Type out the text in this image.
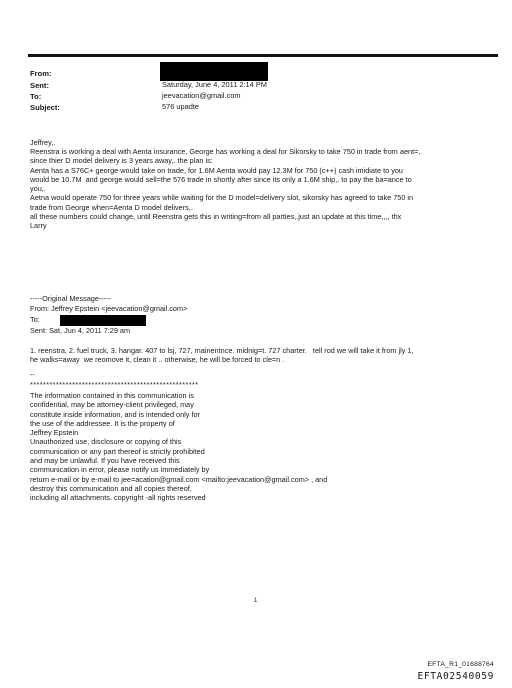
From:
Sent:
To:
Subject:
Saturday, June 4, 2011 2:14 PM
jeevacation@gmail.com
576 upadte
Jeffrey,.
Reenstra is working a deal with Aenta insurance, George has working a deal for Sikorsky to take 750 in trade from aent=,
since thier D model delivery is 3 years away,. the plan is:
Aenta has a S76C+ george would take on trade, for 1.6M Aenta would pay 12.3M for 750 (c++) cash imidiate to you
would be 10.7M  and george would sell=the 576 trade in shortly after since its only a 1.6M ship,. to pay the ba=ance to
you,.
Aetna would operate 750 for three years while waiting for the D model=delivery slot, sikorsky has agreed to take 750 in
trade from George when=Aenta D model delivers,.
all these numbers could change, until Reenstra gets this in writing=from all parties,.just an update at this time,,,, thx
Larry
-----Original Message-----
From: Jeffrey Epstein <jeevacation@gmail.com>
To:
Sent: Sat, Jun 4, 2011 7:29 am
1. reenstra, 2. fuel truck, 3. hangar. 407 to lsj, 727, mainentnce. midnig=t. 727 charter.   tell rod we will take it from jly 1,
he walks=away  we reomove it, clean it .. otherwise, he will be forced to cle=n .
--
****************************************************
The information contained in this communication is
confidential, may be attorney-client privileged, may
constitute inside information, and is intended only for
the use of the addressee. It is the property of
Jeffrey Epstein
Unauthorized use, disclosure or copying of this
communication or any part thereof is strictly prohibited
and may be unlawful. If you have received this
communication in error, please notify us immediately by
return e-mail or by e-mail to jee=acation@gmail.com <mailto:jeevacation@gmail.com> , and
destroy this communication and all copies thereof,
including all attachments. copyright -all rights reserved
1
EFTA_R1_01688764
EFTA02540059
